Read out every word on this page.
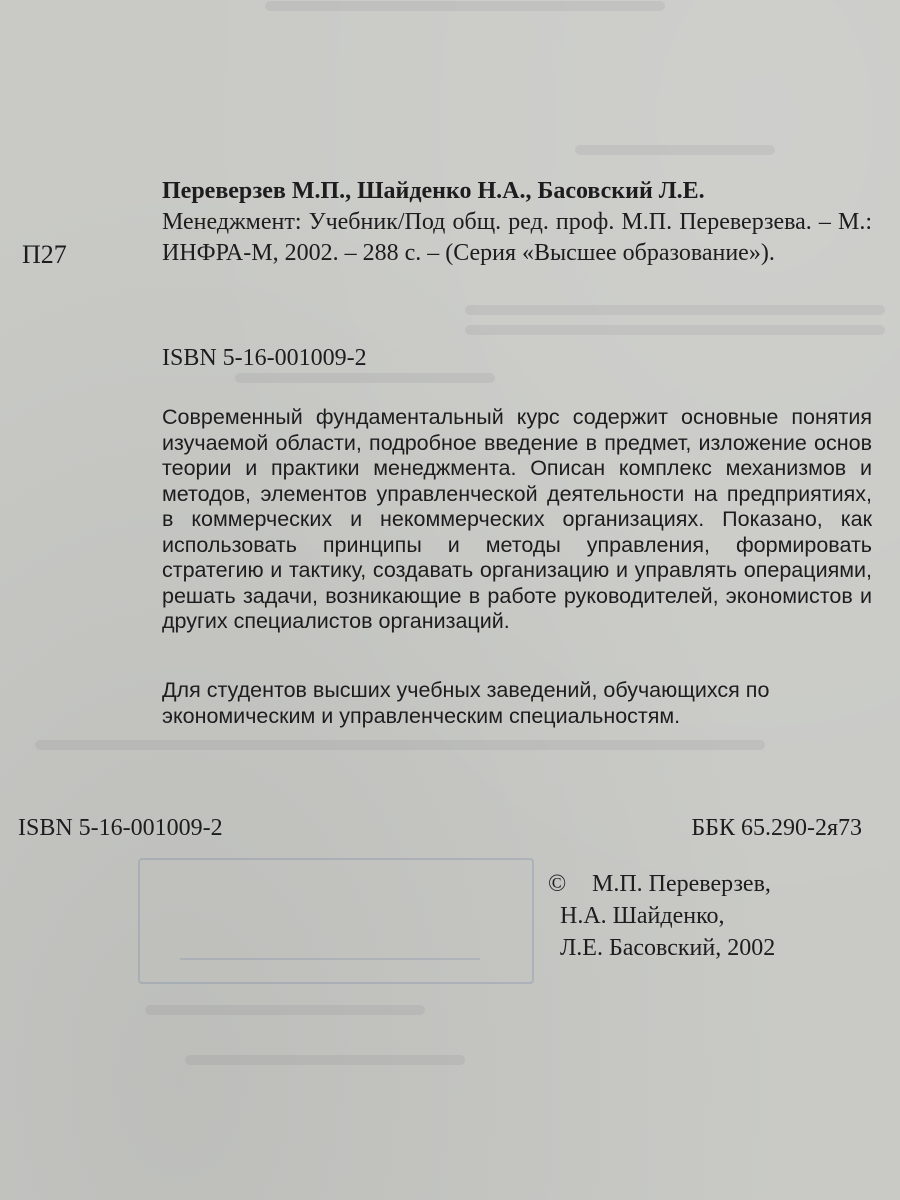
П27
Переверзев М.П., Шайденко Н.А., Басовский Л.Е.
Менеджмент: Учебник/Под общ. ред. проф. М.П. Переверзева. – М.: ИНФРА-М, 2002. – 288 с. – (Серия «Высшее образование»).
ISBN 5-16-001009-2

Современный фундаментальный курс содержит основные понятия изучаемой области, подробное введение в предмет, изложение основ теории и практики менеджмента. Описан комплекс механизмов и методов, элементов управленческой деятельности на предприятиях, в коммерческих и некоммерческих организациях. Показано, как использовать принципы и методы управления, формировать стратегию и тактику, создавать организацию и управлять операциями, решать задачи, возникающие в работе руководителей, экономистов и других специалистов организаций.

Для студентов высших учебных заведений, обучающихся по экономическим и управленческим специальностям.

ISBN 5-16-001009-2	ББК 65.290-2я73
© М.П. Переверзев,
Н.А. Шайденко,
Л.Е. Басовский, 2002
